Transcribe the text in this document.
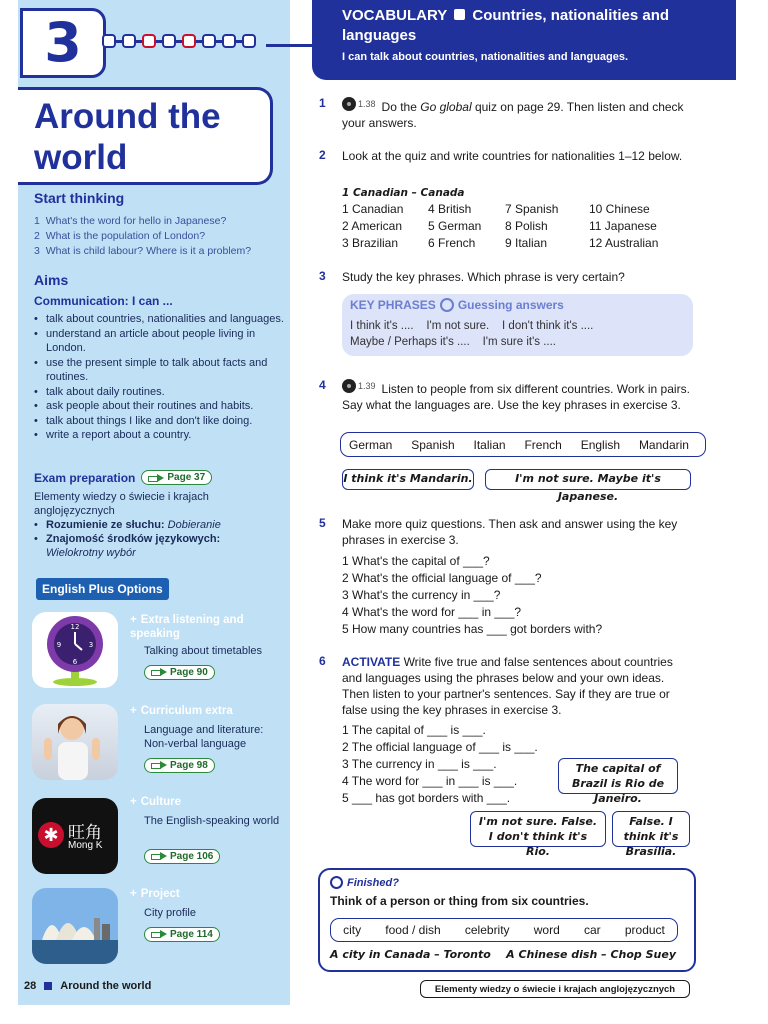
3
Around the
world
Start thinking
1 What's the word for hello in Japanese?
2 What is the population of London?
3 What is child labour? Where is it a problem?
Aims
Communication: I can ...
• talk about countries, nationalities and languages.
• understand an article about people living in London.
• use the present simple to talk about facts and routines.
• talk about daily routines.
• ask people about their routines and habits.
• talk about things I like and don't like doing.
• write a report about a country.
Exam preparation	Page 37
Elementy wiedzy o świecie i krajach anglojęzycznych
• Rozumienie ze słuchu: Dobieranie
• Znajomość środków językowych:
Wielokrotny wybór
English Plus Options
12
3
6
9
+ Extra listening and speaking
Talking about timetables
Page 90
+ Curriculum extra
Language and literature: Non-verbal language
Page 98
✱ 旺角
Mong K
+ Culture
The English-speaking world
Page 106
+ Project
City profile
Page 114
28 Around the world
VOCABULARY Countries, nationalities and languages
I can talk about countries, nationalities and languages.
1	1.38 Do the Go global quiz on page 29. Then listen and check your answers.
2 Look at the quiz and write countries for nationalities 1–12 below.
1 Canadian – Canada
1 Canadian	4 British	7 Spanish	10 Chinese
2 American	5 German	8 Polish	11 Japanese
3 Brazilian	6 French	9 Italian	12 Australian
3 Study the key phrases. Which phrase is very certain?
KEY PHRASES Guessing answers
I think it's .... I'm not sure. I don't think it's ....
Maybe / Perhaps it's .... I'm sure it's ....
4	1.39 Listen to people from six different countries. Work in pairs. Say what the languages are. Use the key phrases in exercise 3.
German Spanish Italian French English Mandarin
I think it's Mandarin.	I'm not sure. Maybe it's Japanese.
5 Make more quiz questions. Then ask and answer using the key phrases in exercise 3.
1 What's the capital of ___?
2 What's the official language of ___?
3 What's the currency in ___?
4 What's the word for ___ in ___?
5 How many countries has ___ got borders with?
6 ACTIVATE Write five true and false sentences about countries and languages using the phrases below and your own ideas. Then listen to your partner's sentences. Say if they are true or false using the key phrases in exercise 3.
1 The capital of ___ is ___.
2 The official language of ___ is ___.
3 The currency in ___ is ___.
4 The word for ___ in ___ is ___.
5 ___ has got borders with ___.
The capital of Brazil is Rio de Janeiro.
I'm not sure. False. I don't think it's Rio.
False. I think it's Brasília.
Finished?
Think of a person or thing from six countries.
city food / dish celebrity word car product
A city in Canada – Toronto A Chinese dish – Chop Suey
Elementy wiedzy o świecie i krajach anglojęzycznych
